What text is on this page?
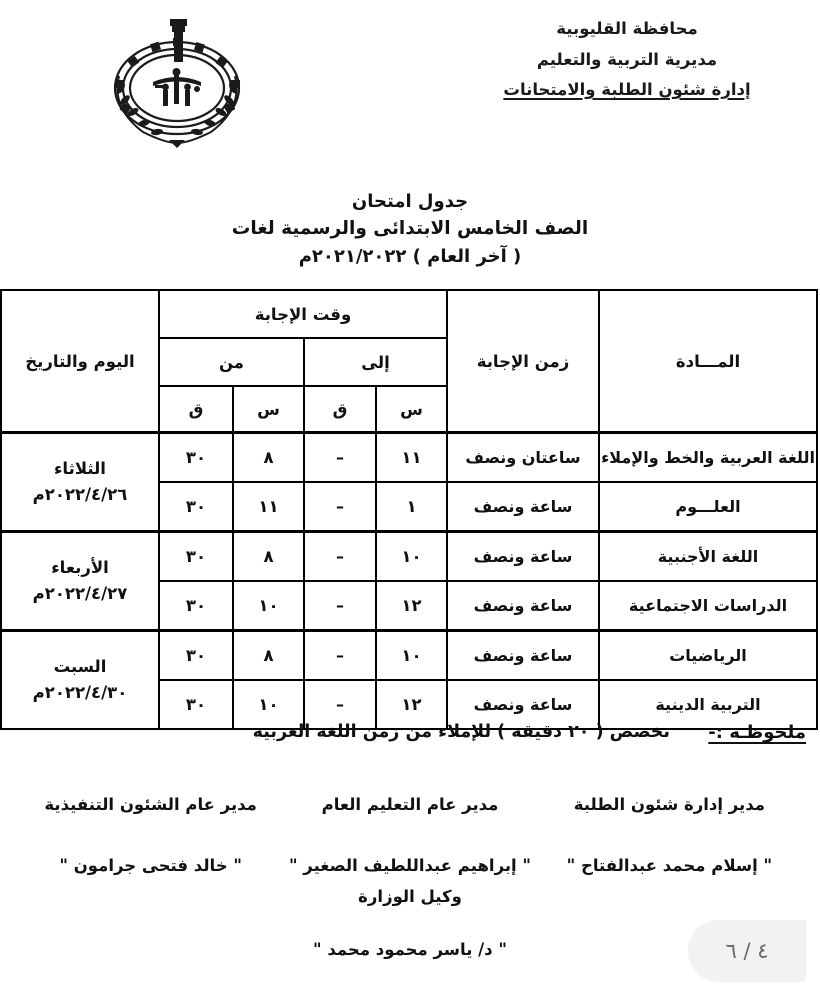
محافظة القليوبية
مديرية التربية والتعليم
إدارة شئون الطلبة والامتحانات
جدول امتحان
الصف الخامس الابتدائى والرسمية لغات
( آخر العام ) ٢٠٢١/٢٠٢٢م
المـــادة	زمن الإجابة	وقت الإجابة				اليوم والتاريخ
		إلى		من		
		س	ق	س	ق	
اللغة العربية والخط والإملاء	ساعتان ونصف	١١	–	٨	٣٠	الثلاثاء
٢٠٢٢/٤/٢٦م

العلـــوم	ساعة ونصف	١	–	١١	٣٠	
اللغة الأجنبية	ساعة ونصف	١٠	–	٨	٣٠	الأربعاء
٢٠٢٢/٤/٢٧م

الدراسات الاجتماعية	ساعة ونصف	١٢	–	١٠	٣٠	
الرياضيات	ساعة ونصف	١٠	–	٨	٣٠	السبت
٢٠٢٢/٤/٣٠م

التربية الدينية	ساعة ونصف	١٢	–	١٠	٣٠	
ملحوظـة :-
تخصص ( ٢٠ دقيقة ) للإملاء من زمن اللغة العربية
مدير إدارة شئون الطلبة
" إسلام محمد عبدالفتاح "
مدير عام التعليم العام
" إبراهيم عبداللطيف الصغير "
مدير عام الشئون التنفيذية
" خالد فتحى جرامون "
وكيل الوزارة
" د/ ياسر محمود محمد "	٤ / ٦
